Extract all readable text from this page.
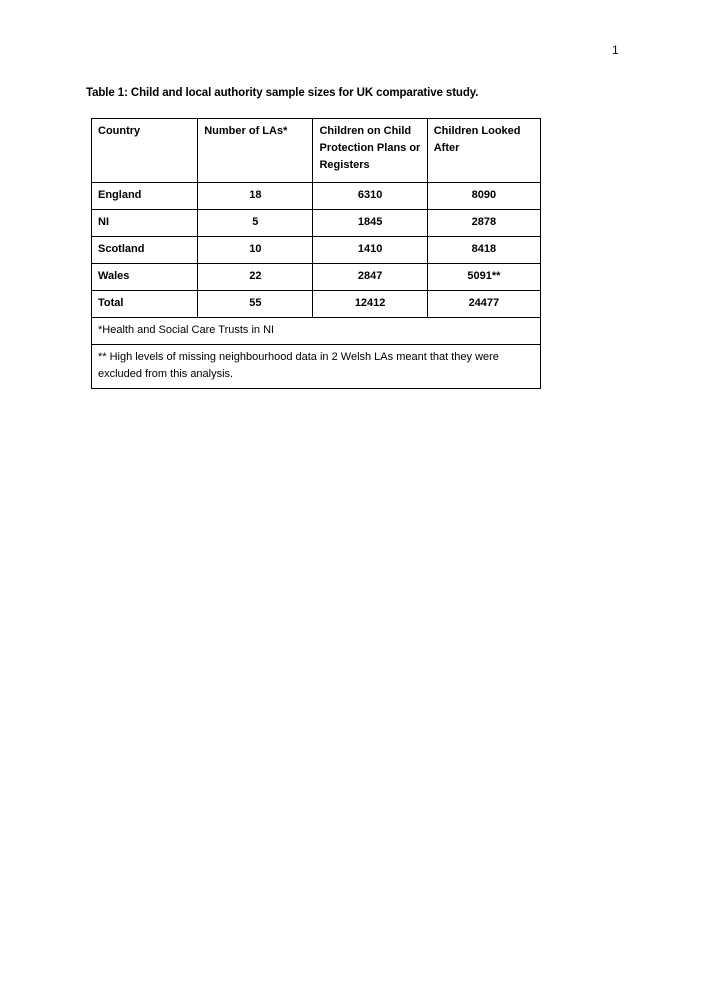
1
Table 1: Child and local authority sample sizes for UK comparative study.
Country	Number of LAs*	Children on Child Protection Plans or Registers	Children Looked After
England	18	6310	8090
NI	5	1845	2878
Scotland	10	1410	8418
Wales	22	2847	5091**
Total	55	12412	24477
*Health and Social Care Trusts in NI			
** High levels of missing neighbourhood data in 2 Welsh LAs meant that they were excluded from this analysis.			
